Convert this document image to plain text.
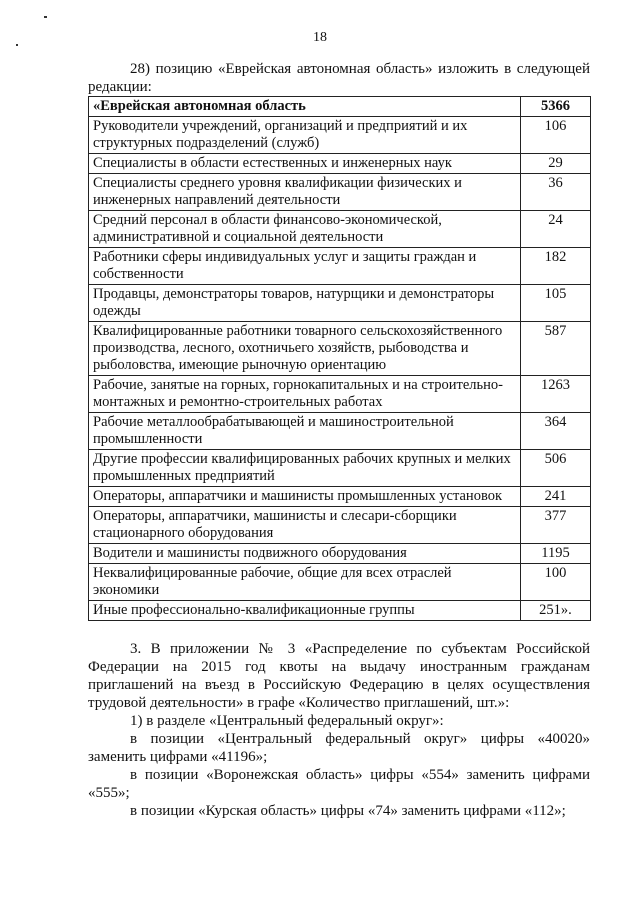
18
28) позицию «Еврейская автономная область» изложить в следующей редакции:
«Еврейская автономная область	5366
Руководители учреждений, организаций и предприятий и их структурных подразделений (служб)	106
Специалисты в области естественных и инженерных наук	29
Специалисты среднего уровня квалификации физических и инженерных направлений деятельности	36
Средний персонал в области финансово-экономической, административной и социальной деятельности	24
Работники сферы индивидуальных услуг и защиты граждан и собственности	182
Продавцы, демонстраторы товаров, натурщики и демонстраторы одежды	105
Квалифицированные работники товарного сельскохозяйственного производства, лесного, охотничьего хозяйств, рыбоводства и рыболовства, имеющие рыночную ориентацию	587
Рабочие, занятые на горных, горнокапитальных и на строительно-монтажных и ремонтно-строительных работах	1263
Рабочие металлообрабатывающей и машиностроительной промышленности	364
Другие профессии квалифицированных рабочих крупных и мелких промышленных предприятий	506
Операторы, аппаратчики и машинисты промышленных установок	241
Операторы, аппаратчики, машинисты и слесари-сборщики стационарного оборудования	377
Водители и машинисты подвижного оборудования	1195
Неквалифицированные рабочие, общие для всех отраслей экономики	100
Иные профессионально-квалификационные группы	251».

3. В приложении № 3 «Распределение по субъектам Российской Федерации на 2015 год квоты на выдачу иностранным гражданам приглашений на въезд в Российскую Федерацию в целях осуществления трудовой деятельности» в графе «Количество приглашений, шт.»:

1) в разделе «Центральный федеральный округ»:

в позиции «Центральный федеральный округ» цифры «40020» заменить цифрами «41196»;

в позиции «Воронежская область» цифры «554» заменить цифрами «555»;

в позиции «Курская область» цифры «74» заменить цифрами «112»;
